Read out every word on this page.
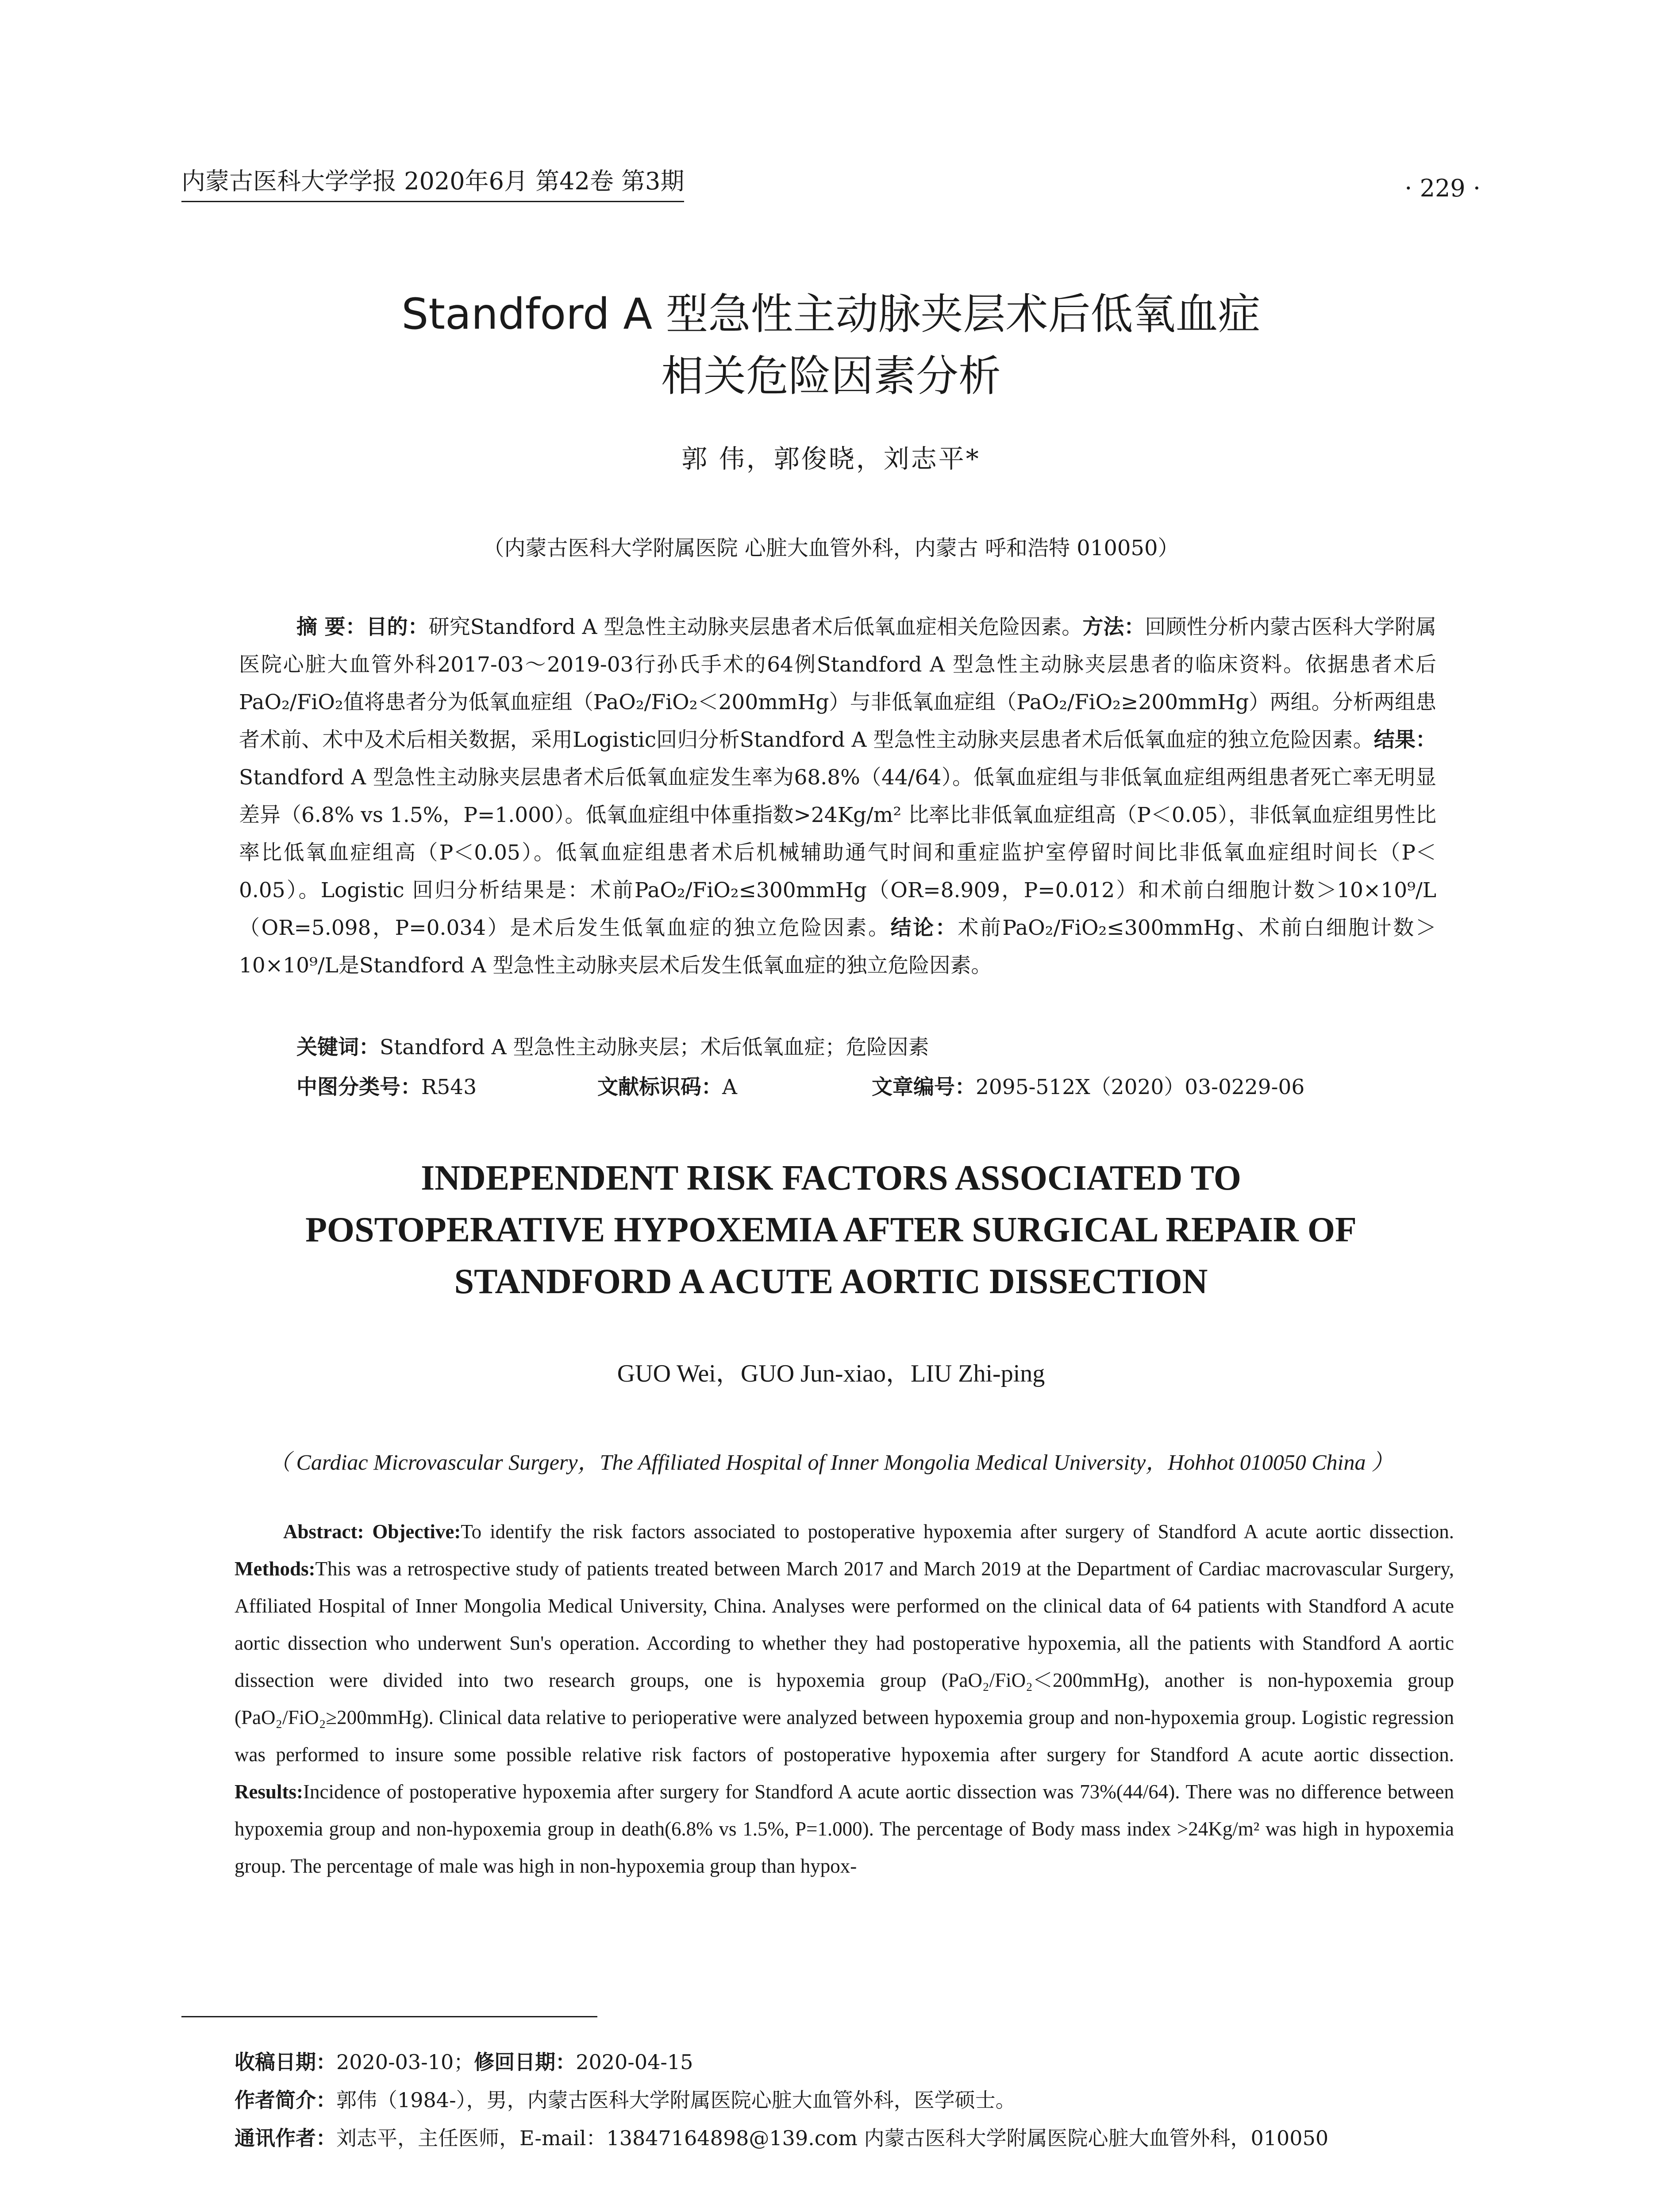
内蒙古医科大学学报 2020年6月 第42卷 第3期	· 229 ·
Standford A 型急性主动脉夹层术后低氧血症
相关危险因素分析
郭 伟，郭俊晓，刘志平*
（内蒙古医科大学附属医院 心脏大血管外科，内蒙古 呼和浩特 010050）
摘 要：目的：研究Standford A 型急性主动脉夹层患者术后低氧血症相关危险因素。方法：回顾性分析内蒙古医科大学附属医院心脏大血管外科2017-03～2019-03行孙氏手术的64例Standford A 型急性主动脉夹层患者的临床资料。依据患者术后PaO₂/FiO₂值将患者分为低氧血症组（PaO₂/FiO₂＜200mmHg）与非低氧血症组（PaO₂/FiO₂≥200mmHg）两组。分析两组患者术前、术中及术后相关数据，采用Logistic回归分析Standford A 型急性主动脉夹层患者术后低氧血症的独立危险因素。结果：Standford A 型急性主动脉夹层患者术后低氧血症发生率为68.8%（44/64）。低氧血症组与非低氧血症组两组患者死亡率无明显差异（6.8% vs 1.5%，P=1.000）。低氧血症组中体重指数>24Kg/m² 比率比非低氧血症组高（P＜0.05），非低氧血症组男性比率比低氧血症组高（P＜0.05）。低氧血症组患者术后机械辅助通气时间和重症监护室停留时间比非低氧血症组时间长（P＜0.05）。Logistic 回归分析结果是：术前PaO₂/FiO₂≤300mmHg（OR=8.909，P=0.012）和术前白细胞计数＞10×10⁹/L（OR=5.098，P=0.034）是术后发生低氧血症的独立危险因素。结论：术前PaO₂/FiO₂≤300mmHg、术前白细胞计数＞10×10⁹/L是Standford A 型急性主动脉夹层术后发生低氧血症的独立危险因素。
关键词：Standford A 型急性主动脉夹层；术后低氧血症；危险因素
中图分类号：R543	文献标识码：A	文章编号：2095-512X（2020）03-0229-06
INDEPENDENT RISK FACTORS ASSOCIATED TO
POSTOPERATIVE HYPOXEMIA AFTER SURGICAL REPAIR OF
STANDFORD A ACUTE AORTIC DISSECTION
GUO Wei，GUO Jun-xiao，LIU Zhi-ping
（ Cardiac Microvascular Surgery，The Affiliated Hospital of Inner Mongolia Medical University，Hohhot 010050 China ）
Abstract: Objective:To identify the risk factors associated to postoperative hypoxemia after surgery of Standford A acute aortic dissection. Methods:This was a retrospective study of patients treated between March 2017 and March 2019 at the Department of Cardiac macrovascular Surgery, Affiliated Hospital of Inner Mongolia Medical University, China. Analyses were performed on the clinical data of 64 patients with Standford A acute aortic dissection who underwent Sun's operation. According to whether they had postoperative hypoxemia, all the patients with Standford A aortic dissection were divided into two research groups, one is hypoxemia group (PaO₂/FiO₂＜200mmHg), another is non-hypoxemia group (PaO₂/FiO₂≥200mmHg). Clinical data relative to perioperative were analyzed between hypoxemia group and non-hypoxemia group. Logistic regression was performed to insure some possible relative risk factors of postoperative hypoxemia after surgery for Standford A acute aortic dissection. Results:Incidence of postoperative hypoxemia after surgery for Standford A acute aortic dissection was 73%(44/64). There was no difference between hypoxemia group and non-hypoxemia group in death(6.8% vs 1.5%, P=1.000). The percentage of Body mass index >24Kg/m² was high in hypoxemia group. The percentage of male was high in non-hypoxemia group than hypox-
收稿日期：2020-03-10；修回日期：2020-04-15
作者简介：郭伟（1984-），男，内蒙古医科大学附属医院心脏大血管外科，医学硕士。
通讯作者：刘志平，主任医师，E-mail：13847164898@139.com 内蒙古医科大学附属医院心脏大血管外科，010050
